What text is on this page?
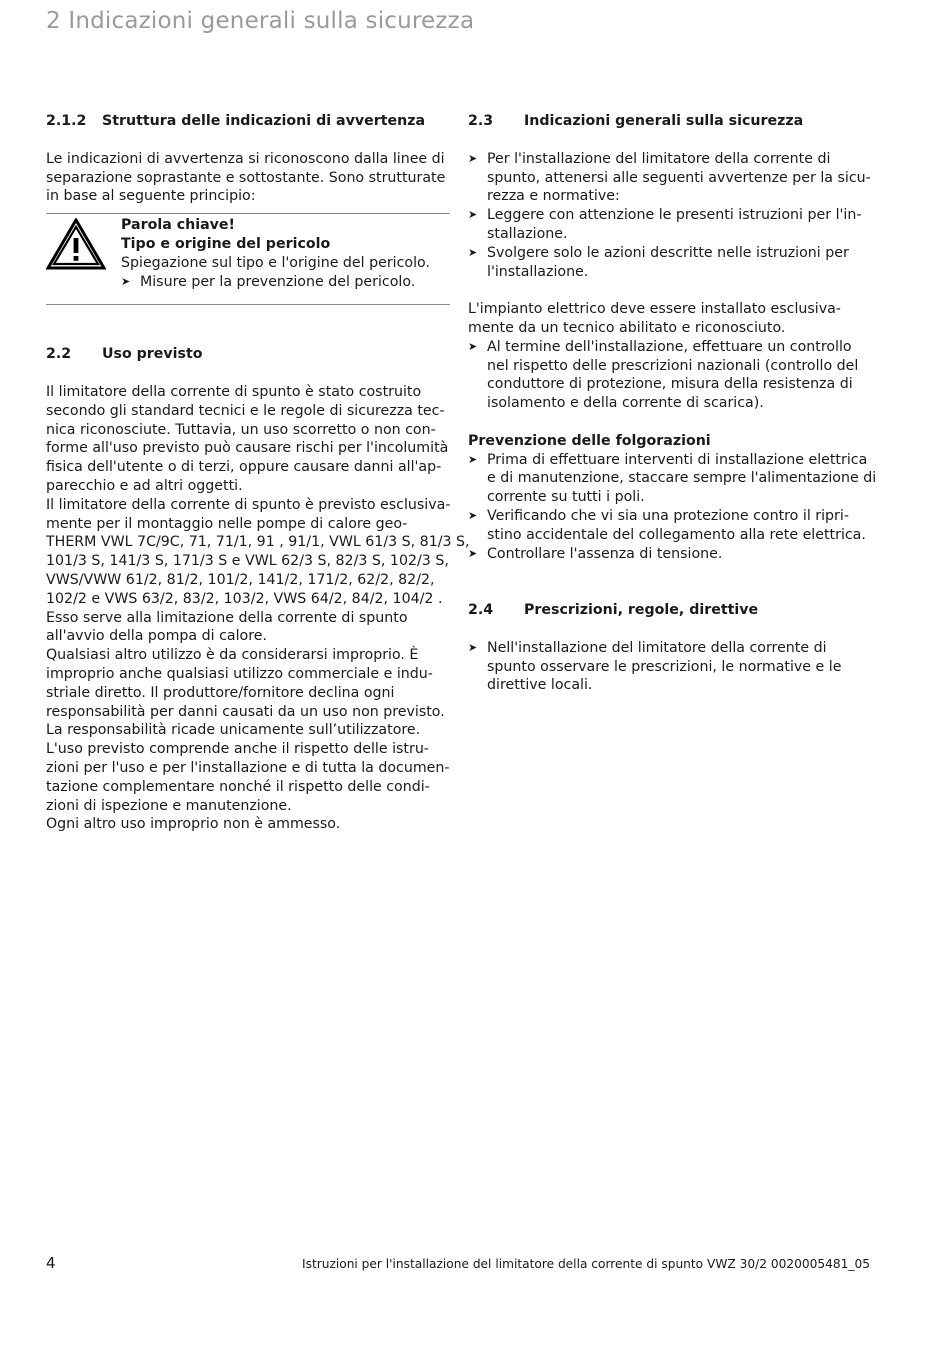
2 Indicazioni generali sulla sicurezza
2.1.2	Struttura delle indicazioni di avvertenza
Le indicazioni di avvertenza si riconoscono dalla linee di
separazione soprastante e sottostante. Sono strutturate
in base al seguente principio:
Parola chiave!
Tipo e origine del pericolo
Spiegazione sul tipo e l'origine del pericolo.
➤ Misure per la prevenzione del pericolo.
2.2	Uso previsto
Il limitatore della corrente di spunto è stato costruito
secondo gli standard tecnici e le regole di sicurezza tec-
nica riconosciute. Tuttavia, un uso scorretto o non con-
forme all'uso previsto può causare rischi per l'incolumità
fisica dell'utente o di terzi, oppure causare danni all'ap-
parecchio e ad altri oggetti.
Il limitatore della corrente di spunto è previsto esclusiva-
mente per il montaggio nelle pompe di calore geo-
THERM VWL 7C/9C, 71, 71/1, 91 , 91/1, VWL 61/3 S, 81/3 S,
101/3 S, 141/3 S, 171/3 S e VWL 62/3 S, 82/3 S, 102/3 S,
VWS/VWW 61/2, 81/2, 101/2, 141/2, 171/2, 62/2, 82/2,
102/2 e VWS 63/2, 83/2, 103/2, VWS 64/2, 84/2, 104/2 .
Esso serve alla limitazione della corrente di spunto
all'avvio della pompa di calore.
Qualsiasi altro utilizzo è da considerarsi improprio. È
improprio anche qualsiasi utilizzo commerciale e indu-
striale diretto. Il produttore/fornitore declina ogni
responsabilità per danni causati da un uso non previsto.
La responsabilità ricade unicamente sull’utilizzatore.
L'uso previsto comprende anche il rispetto delle istru-
zioni per l'uso e per l'installazione e di tutta la documen-
tazione complementare nonché il rispetto delle condi-
zioni di ispezione e manutenzione.
Ogni altro uso improprio non è ammesso.
2.3	Indicazioni generali sulla sicurezza
➤ Per l'installazione del limitatore della corrente di
spunto, attenersi alle seguenti avvertenze per la sicu-
rezza e normative:
➤ Leggere con attenzione le presenti istruzioni per l'in-
stallazione.
➤ Svolgere solo le azioni descritte nelle istruzioni per
l'installazione.
L'impianto elettrico deve essere installato esclusiva-
mente da un tecnico abilitato e riconosciuto.
➤ Al termine dell'installazione, effettuare un controllo
nel rispetto delle prescrizioni nazionali (controllo del
conduttore di protezione, misura della resistenza di
isolamento e della corrente di scarica).
Prevenzione delle folgorazioni
➤ Prima di effettuare interventi di installazione elettrica
e di manutenzione, staccare sempre l'alimentazione di
corrente su tutti i poli.
➤ Verificando che vi sia una protezione contro il ripri-
stino accidentale del collegamento alla rete elettrica.
➤ Controllare l'assenza di tensione.
2.4	Prescrizioni, regole, direttive
➤ Nell'installazione del limitatore della corrente di
spunto osservare le prescrizioni, le normative e le
direttive locali.
4	Istruzioni per l'installazione del limitatore della corrente di spunto VWZ 30/2 0020005481_05
